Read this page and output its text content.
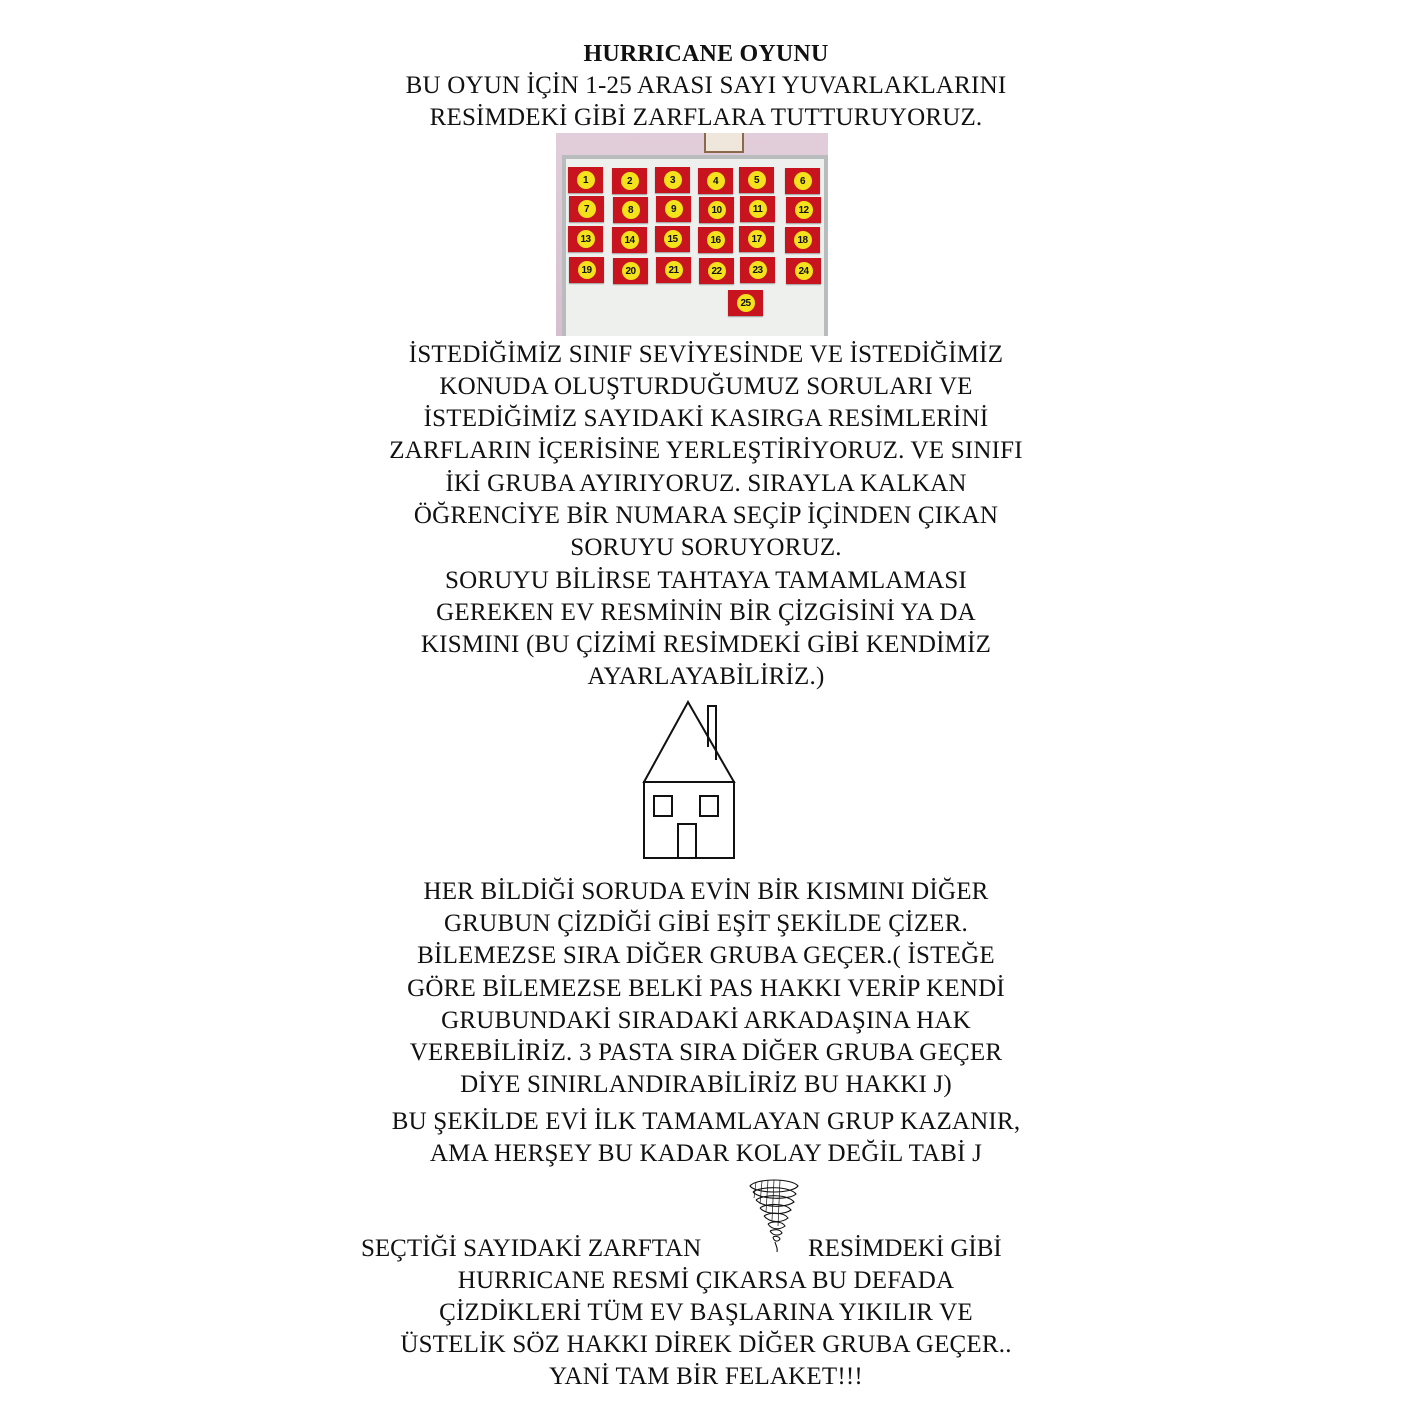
HURRICANE OYUNU
BU OYUN İÇİN 1-25 ARASI SAYI YUVARLAKLARINI
RESİMDEKİ GİBİ ZARFLARA TUTTURUYORUZ.
1	2	3	4	5	6
7	8	9	10	11	12
13	14	15	16	17	18
19	20	21	22	23	24
25
İSTEDİĞİMİZ SINIF SEVİYESİNDE VE İSTEDİĞİMİZ
KONUDA OLUŞTURDUĞUMUZ SORULARI VE
İSTEDİĞİMİZ SAYIDAKİ KASIRGA RESİMLERİNİ
ZARFLARIN İÇERİSİNE YERLEŞTİRİYORUZ. VE SINIFI
İKİ GRUBA AYIRIYORUZ. SIRAYLA KALKAN
ÖĞRENCİYE BİR NUMARA SEÇİP İÇİNDEN ÇIKAN
SORUYU SORUYORUZ.
SORUYU BİLİRSE TAHTAYA TAMAMLAMASI
GEREKEN EV RESMİNİN BİR ÇİZGİSİNİ YA DA
KISMINI (BU ÇİZİMİ RESİMDEKİ GİBİ KENDİMİZ
AYARLAYABİLİRİZ.)
HER BİLDİĞİ SORUDA EVİN BİR KISMINI DİĞER
GRUBUN ÇİZDİĞİ GİBİ EŞİT ŞEKİLDE ÇİZER.
BİLEMEZSE SIRA DİĞER GRUBA GEÇER.( İSTEĞE
GÖRE BİLEMEZSE BELKİ PAS HAKKI VERİP KENDİ
GRUBUNDAKİ SIRADAKİ ARKADAŞINA HAK
VEREBİLİRİZ. 3 PASTA SIRA DİĞER GRUBA GEÇER
DİYE SINIRLANDIRABİLİRİZ BU HAKKI J)
BU ŞEKİLDE EVİ İLK TAMAMLAYAN GRUP KAZANIR,
AMA HERŞEY BU KADAR KOLAY DEĞİL TABİ J
SEÇTİĞİ SAYIDAKİ ZARFTAN	RESİMDEKİ GİBİ
HURRICANE RESMİ ÇIKARSA BU DEFADA
ÇİZDİKLERİ TÜM EV BAŞLARINA YIKILIR VE
ÜSTELİK SÖZ HAKKI DİREK DİĞER GRUBA GEÇER..
YANİ TAM BİR FELAKET!!!
